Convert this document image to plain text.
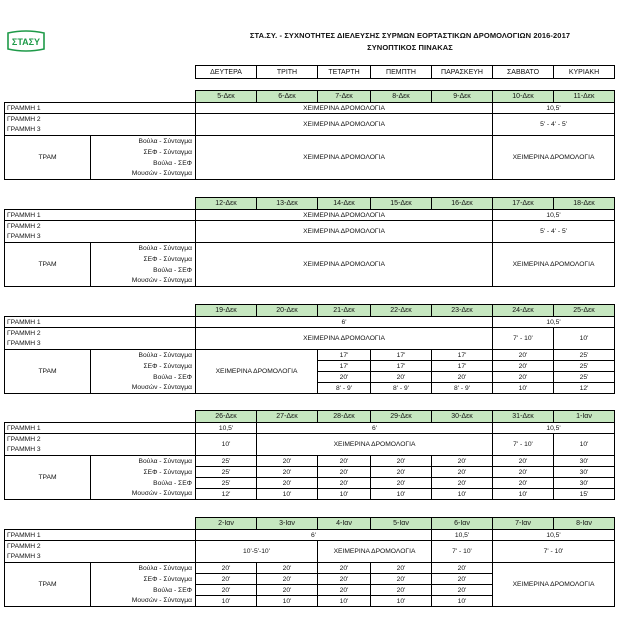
ΣΤΑΣΥ
ΣΤΑ.ΣΥ. - ΣΥΧΝΟΤΗΤΕΣ ΔΙΕΛΕΥΣΗΣ ΣΥΡΜΩΝ ΕΟΡΤΑΣΤΙΚΩΝ ΔΡΟΜΟΛΟΓΙΩΝ 2016-2017
ΣΥΝΟΠΤΙΚΟΣ ΠΙΝΑΚΑΣ
ΔΕΥΤΕΡΑ	ΤΡΙΤΗ	ΤΕΤΑΡΤΗ	ΠΕΜΠΤΗ	ΠΑΡΑΣΚΕΥΗ	ΣΑΒΒΑΤΟ	ΚΥΡΙΑΚΗ
		5-Δεκ	6-Δεκ	7-Δεκ	8-Δεκ	9-Δεκ	10-Δεκ	11-Δεκ
ΓΡΑΜΜΗ 1		ΧΕΙΜΕΡΙΝΑ ΔΡΟΜΟΛΟΓΙΑ					10,5'	
ΓΡΑΜΜΗ 2		ΧΕΙΜΕΡΙΝΑ ΔΡΟΜΟΛΟΓΙΑ					5' - 4' - 5'	
ΓΡΑΜΜΗ 3								
ΤΡΑΜ	Βούλα - Σύνταγμα	ΧΕΙΜΕΡΙΝΑ ΔΡΟΜΟΛΟΓΙΑ					ΧΕΙΜΕΡΙΝΑ ΔΡΟΜΟΛΟΓΙΑ	
	ΣΕΦ - Σύνταγμα							
	Βούλα - ΣΕΦ							
	Μουσών - Σύνταγμα							
		12-Δεκ	13-Δεκ	14-Δεκ	15-Δεκ	16-Δεκ	17-Δεκ	18-Δεκ
ΓΡΑΜΜΗ 1		ΧΕΙΜΕΡΙΝΑ ΔΡΟΜΟΛΟΓΙΑ					10,5'	
ΓΡΑΜΜΗ 2		ΧΕΙΜΕΡΙΝΑ ΔΡΟΜΟΛΟΓΙΑ					5' - 4' - 5'	
ΓΡΑΜΜΗ 3								
ΤΡΑΜ	Βούλα - Σύνταγμα	ΧΕΙΜΕΡΙΝΑ ΔΡΟΜΟΛΟΓΙΑ					ΧΕΙΜΕΡΙΝΑ ΔΡΟΜΟΛΟΓΙΑ	
	ΣΕΦ - Σύνταγμα							
	Βούλα - ΣΕΦ							
	Μουσών - Σύνταγμα							
		19-Δεκ	20-Δεκ	21-Δεκ	22-Δεκ	23-Δεκ	24-Δεκ	25-Δεκ
ΓΡΑΜΜΗ 1		6'					10,5'	
ΓΡΑΜΜΗ 2		ΧΕΙΜΕΡΙΝΑ ΔΡΟΜΟΛΟΓΙΑ					7' - 10'	10'
ΓΡΑΜΜΗ 3								
ΤΡΑΜ	Βούλα - Σύνταγμα	ΧΕΙΜΕΡΙΝΑ ΔΡΟΜΟΛΟΓΙΑ		17'	17'	17'	20'	25'
	ΣΕΦ - Σύνταγμα			17'	17'	17'	20'	25'
	Βούλα - ΣΕΦ			20'	20'	20'	20'	25'
	Μουσών - Σύνταγμα			8' - 9'	8' - 9'	8' - 9'	10'	12'
		26-Δεκ	27-Δεκ	28-Δεκ	29-Δεκ	30-Δεκ	31-Δεκ	1-Ιαν
ΓΡΑΜΜΗ 1		10,5'	6'				10,5'	
ΓΡΑΜΜΗ 2		10'	ΧΕΙΜΕΡΙΝΑ ΔΡΟΜΟΛΟΓΙΑ				7' - 10'	10'
ΓΡΑΜΜΗ 3								
ΤΡΑΜ	Βούλα - Σύνταγμα	25'	20'	20'	20'	20'	20'	30'
	ΣΕΦ - Σύνταγμα	25'	20'	20'	20'	20'	20'	30'
	Βούλα - ΣΕΦ	25'	20'	20'	20'	20'	20'	30'
	Μουσών - Σύνταγμα	12'	10'	10'	10'	10'	10'	15'
		2-Ιαν	3-Ιαν	4-Ιαν	5-Ιαν	6-Ιαν	7-Ιαν	8-Ιαν
ΓΡΑΜΜΗ 1		6'				10,5'	10,5'	
ΓΡΑΜΜΗ 2		10'-5'-10'		ΧΕΙΜΕΡΙΝΑ ΔΡΟΜΟΛΟΓΙΑ		7' - 10'	7' - 10'	
ΓΡΑΜΜΗ 3								
ΤΡΑΜ	Βούλα - Σύνταγμα	20'	20'	20'	20'	20'	ΧΕΙΜΕΡΙΝΑ ΔΡΟΜΟΛΟΓΙΑ	
	ΣΕΦ - Σύνταγμα	20'	20'	20'	20'	20'		
	Βούλα - ΣΕΦ	20'	20'	20'	20'	20'		
	Μουσών - Σύνταγμα	10'	10'	10'	10'	10'		
